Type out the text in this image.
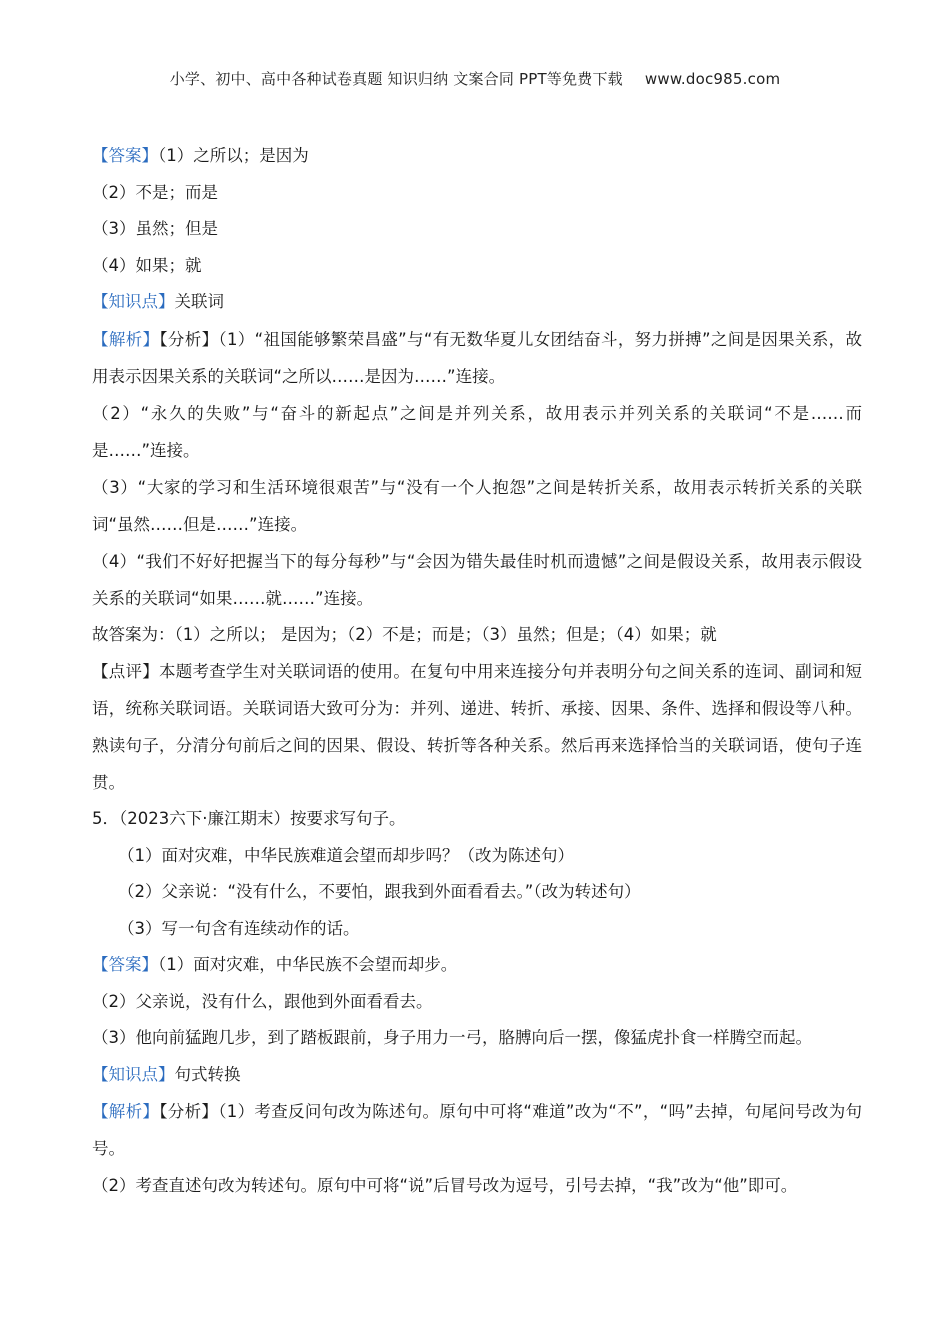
小学、初中、高中各种试卷真题 知识归纳 文案合同 PPT等免费下载 www.doc985.com
【答案】（1）之所以；是因为
（2）不是；而是
（3）虽然；但是
（4）如果；就
【知识点】关联词
【解析】【分析】（1）“祖国能够繁荣昌盛”与“有无数华夏儿女团结奋斗，努力拼搏”之间是因果关系，故用表示因果关系的关联词“之所以……是因为……”连接。
（2）“永久的失败”与“奋斗的新起点”之间是并列关系，故用表示并列关系的关联词“不是……而是……”连接。
（3）“大家的学习和生活环境很艰苦”与“没有一个人抱怨”之间是转折关系，故用表示转折关系的关联词“虽然……但是……”连接。
（4）“我们不好好把握当下的每分每秒”与“会因为错失最佳时机而遗憾”之间是假设关系，故用表示假设关系的关联词“如果……就……”连接。
故答案为：（1）之所以； 是因为；（2）不是；而是；（3）虽然；但是；（4）如果；就
【点评】本题考查学生对关联词语的使用。在复句中用来连接分句并表明分句之间关系的连词、副词和短语，统称关联词语。关联词语大致可分为：并列、递进、转折、承接、因果、条件、选择和假设等八种。熟读句子，分清分句前后之间的因果、假设、转折等各种关系。然后再来选择恰当的关联词语，使句子连贯。
5．（2023六下·廉江期末）按要求写句子。
（1）面对灾难，中华民族难道会望而却步吗？（改为陈述句）
（2）父亲说：“没有什么，不要怕，跟我到外面看看去。”（改为转述句）
（3）写一句含有连续动作的话。
【答案】（1）面对灾难，中华民族不会望而却步。
（2）父亲说，没有什么，跟他到外面看看去。
（3）他向前猛跑几步，到了踏板跟前，身子用力一弓，胳膊向后一摆，像猛虎扑食一样腾空而起。
【知识点】句式转换
【解析】【分析】（1）考查反问句改为陈述句。原句中可将“难道”改为“不”，“吗”去掉，句尾问号改为句号。
（2）考查直述句改为转述句。原句中可将“说”后冒号改为逗号，引号去掉，“我”改为“他”即可。
